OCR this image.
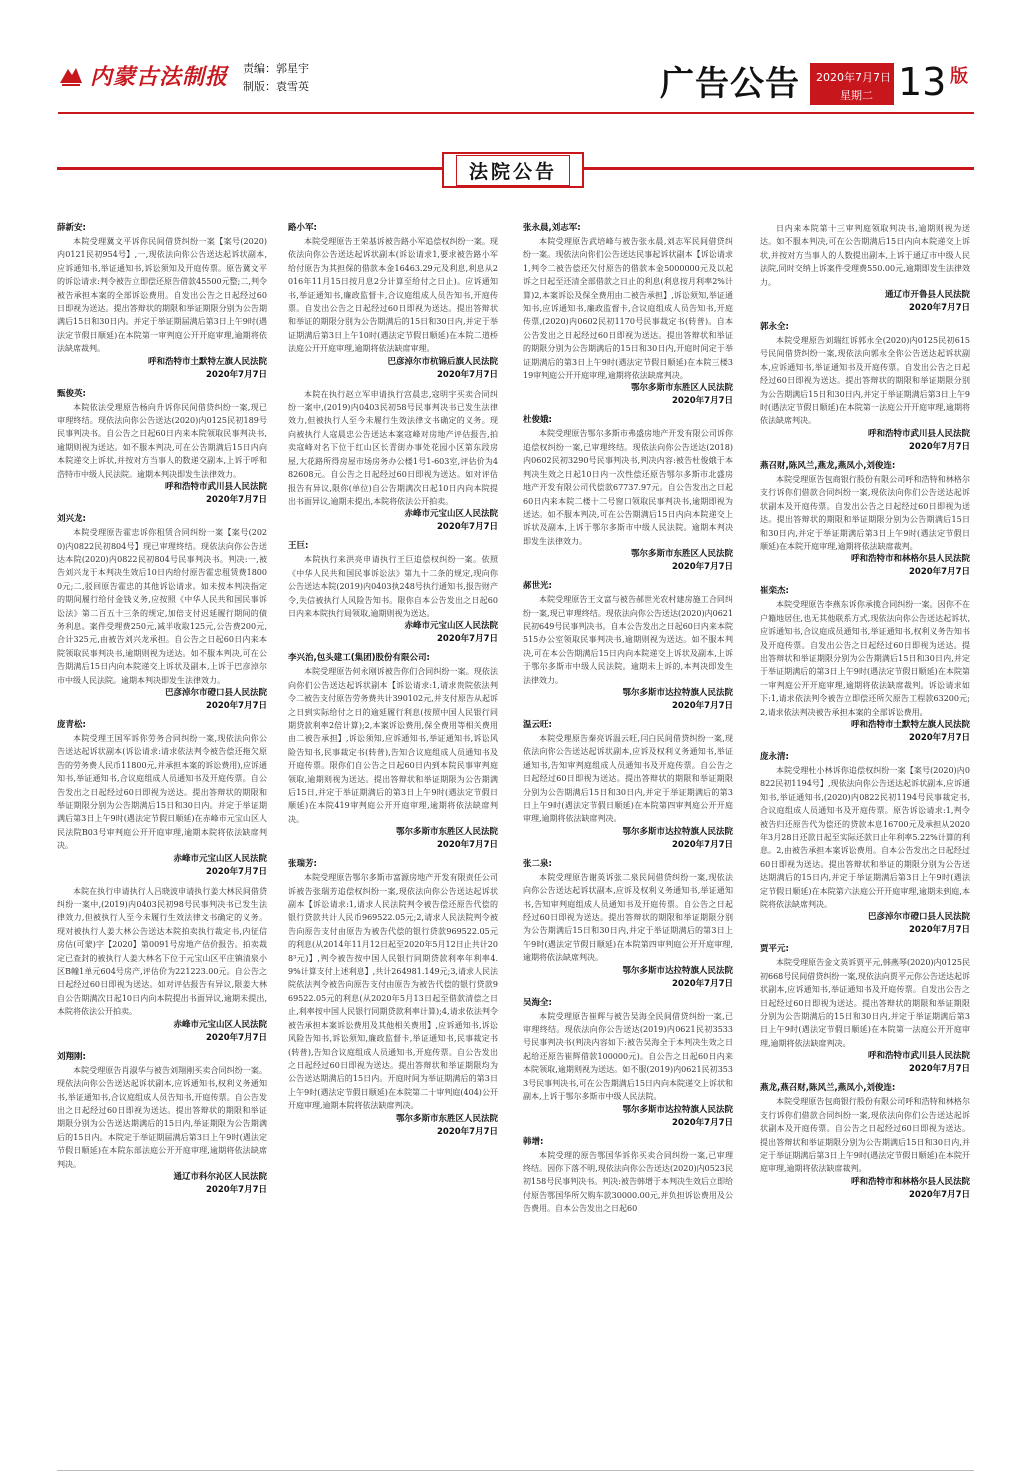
内蒙古法制报 责编：郭星宇
制版：袁雪英	广告公告 2020年7月7日
星期二 13 版
法院公告
薛新安:
本院受理冀文平诉你民间借贷纠纷一案【案号(2020)内0121民初954号】,一,现依法向你公告送达起诉状副本,应诉通知书,举证通知书,诉讼须知及开庭传票。原告冀文平的诉讼请求:判令被告立即偿还原告借款45500元整;二,判令被告承担本案的全部诉讼费用。自发出公告之日起经过60日即视为送达。提出答辩状的期限和举证期限分别为公告期满后15日和30日内。并定于举证期届满后第3日上午9时(遇法定节假日顺延)在本院第一审判庭公开开庭审理,逾期将依法缺席裁判。
呼和浩特市土默特左旗人民法院
2020年7月7日
甄俊英:
本院依法受理原告杨向升诉你民间借贷纠纷一案,现已审理终结。现依法向你公告送达(2020)内0125民初189号民事判决书。自公告之日起60日内来本院领取民事判决书,逾期则视为送达。如不服本判决,可在公告期满后15日内向本院递交上诉状,并按对方当事人的数递交副本,上诉于呼和浩特市中级人民法院。逾期本判决即发生法律效力。
呼和浩特市武川县人民法院
2020年7月7日
刘兴龙:
本院受理原告霍忠诉你租赁合同纠纷一案【案号(2020)内0822民初804号】现已审理终结。现依法向你公告送达本院(2020)内0822民初804号民事判决书。判决:一,被告刘兴龙于本判决生效后10日内给付原告霍忠租赁费18000元;二,驳回原告霍忠的其他诉讼请求。如未按本判决指定的期间履行给付金钱义务,应按照《中华人民共和国民事诉讼法》第二百五十三条的规定,加倍支付迟延履行期间的债务利息。案件受理费250元,减半收取125元,公告费200元,合计325元,由被告刘兴龙承担。自公告之日起60日内来本院领取民事判决书,逾期则视为送达。如不服本判决,可在公告期满后15日内向本院递交上诉状及副本,上诉于巴彦淖尔市中级人民法院。逾期本判决即发生法律效力。
巴彦淖尔市磴口县人民法院
2020年7月7日
庞青松:
本院受理王国军诉你劳务合同纠纷一案,现依法向你公告送达起诉状副本(诉讼请求:请求依法判令被告偿还拖欠原告的劳务费人民币11800元,并承担本案的诉讼费用),应诉通知书,举证通知书,合议庭组成人员通知书及开庭传票。自公告发出之日起经过60日即视为送达。提出答辩状的期限和举证期限分别为公告期满后15日和30日内。并定于举证期满后第3日上午9时(遇法定节假日顺延)在赤峰市元宝山区人民法院B03号审判庭公开开庭审理,逾期本院将依法缺席判决。
赤峰市元宝山区人民法院
2020年7月7日
本院在执行申请执行人吕晓波申请执行姜大林民间借贷纠纷一案中,(2019)内0403民初98号民事判决书已发生法律效力,但被执行人至今未履行生效法律文书确定的义务。现对被执行人姜大林公告送达本院拍卖执行裁定书,内征信房估(可蒙)字【2020】第0091号房地产估价报告。拍卖裁定已查封的被执行人姜大林名下位于元宝山区平庄镇清泉小区B幢1单元604号房产,评估价为221223.00元。自公告之日起经过60日即视为送达。如对评估报告有异议,限姜大林自公告期满次日起10日内向本院提出书面异议,逾期未提出,本院将依法公开拍卖。
赤峰市元宝山区人民法院
2020年7月7日
刘翔刚:
本院受理原告肖淑华与被告刘翔刚买卖合同纠纷一案。现依法向你公告送达起诉状副本,应诉通知书,权利义务通知书,举证通知书,合议庭组成人员告知书,开庭传票。自公告发出之日起经过60日即视为送达。提出答辩状的期限和举证期限分别为公告送达期满后的15日内,举证期限为公告期满后的15日内。本院定于举证期届满后第3日上午9时(遇法定节假日顺延)在本院东部法庭公开开庭审理,逾期将依法缺席判决。
通辽市科尔沁区人民法院
2020年7月7日
路小军:
本院受理原告王荣基诉被告路小军追偿权纠纷一案。现依法向你公告送达起诉状副本(诉讼请求1,要求被告路小军给付原告为其担保的借款本金16463.29元及利息,利息从2016年11月15日按月息2分计算至给付之日止)。应诉通知书,举证通知书,廉政监督卡,合议庭组成人员告知书,开庭传票。自发出公告之日起经过60日即视为送达。提出答辩状和举证的期限分别为公告期满后的15日和30日内,并定于举证期满后第3日上午10时(遇法定节假日顺延)在本院二道桥法庭公开开庭审理,逾期将依法缺席审理。
巴彦淖尔市杭锦后旗人民法院
2020年7月7日
本院在执行赵立军申请执行宫晨忠,寇明宇买卖合同纠纷一案中,(2019)内0403民初58号民事判决书已发生法律效力,但被执行人至今未履行生效法律文书确定的义务。现向被执行人寇晨忠公告送达本案寇峰对房地产评估报告,拍卖寇峰对名下位于红山区长青街办事处花园小区第东段房屋,大花路所得房屋市场房务办公楼1号1-603室,评估价为482608元。自公告之日起经过60日即视为送达。如对评估报告有异议,限你(单位)自公告期满次日起10日内向本院提出书面异议,逾期未提出,本院将依法公开拍卖。
赤峰市元宝山区人民法院
2020年7月7日
王巨:
本院执行来洪亮申请执行王巨追偿权纠纷一案。依照《中华人民共和国民事诉讼法》第九十二条的规定,现向你公告送达本院(2019)内0403执248号执行通知书,报告财产令,失信被执行人风险告知书。限你自本公告发出之日起60日内来本院执行局领取,逾期则视为送达。
赤峰市元宝山区人民法院
2020年7月7日
李兴治,包头建工(集团)股份有限公司:
本院受理原告何永刚诉被告你们合同纠纷一案。现依法向你们公告送达起诉状副本【诉讼请求:1,请求贵院依法判令二被告支付原告劳务费共计390102元,并支付原告从起诉之日到实际给付之日的逾延履行利息(按照中国人民银行同期贷款利率2倍计算);2,本案诉讼费用,保全费用等相关费用由二被告承担】,诉讼须知,应诉通知书,举证通知书,诉讼风险告知书,民事裁定书(转普),告知合议庭组成人员通知书及开庭传票。限你们自公告之日起60日内到本院民事审判庭领取,逾期则视为送达。提出答辩状和举证期限为公告期满后15日,并定于举证期满后的第3日上午9时(遇法定节假日顺延)在本院419审判庭公开开庭审理,逾期将依法缺席判决。
鄂尔多斯市东胜区人民法院
2020年7月7日
张瑞芳:
本院受理原告鄂尔多斯市富源房地产开发有限责任公司诉被告张瑞芳追偿权纠纷一案,现依法向你公告送达起诉状副本【诉讼请求:1,请求人民法院判令被告偿还原告代偿的银行贷款共计人民币969522.05元;2,请求人民法院判令被告向原告支付由原告为被告代偿的银行贷款969522.05元的利息(从2014年11月12日起至2020年5月12日止共计208³元)】,判令被告按中国人民银行同期贷款利率年利率4.9%计算支付上述利息】,共计264981.149元;3,请求人民法院依法判令被告向原告支付由原告为被告代偿的银行贷款969522.05元的利息(从2020年5月13日起至借款清偿之日止,利率按中国人民银行同期贷款利率计算);4,请求依法判令被告承担本案诉讼费用及其他相关费用】,应诉通知书,诉讼风险告知书,诉讼须知,廉政监督卡,举证通知书,民事裁定书(转普),告知合议庭组成人员通知书,开庭传票。自公告发出之日起经过60日即视为送达。提出答辩状和举证期限均为公告送达期满后的15日内。开庭时间为举证期满后的第3日上午9时(遇法定节假日顺延)在本院第二十审判庭(404)公开开庭审理,逾期本院将依法缺席判决。
鄂尔多斯市东胜区人民法院
2020年7月7日
张永晨,刘志军:
本院受理原告武培峰与被告张永晨,刘志军民间借贷纠纷一案。现依法向你们公告送达民事起诉状副本【诉讼请求1,判令二被告偿还欠付原告的借款本金5000000元及以起诉之日起至还清全部借款之日止的利息(利息按月利率2%计算)2,本案诉讼及保全费用由二被告承担】,诉讼须知,举证通知书,应诉通知书,廉政监督卡,合议庭组成人员告知书,开庭传票,(2020)内0602民初1170号民事裁定书(转普)。自本公告发出之日起经过60日即视为送达。提出答辩状和举证的期限分别为公告期满后的15日和30日内,开庭时间定于举证期满后的第3日上午9时(遇法定节假日顺延)在本院三楼319审判庭公开开庭审理,逾期将依法缺席判决。
鄂尔多斯市东胜区人民法院
2020年7月7日
杜俊娥:
本院受理原告鄂尔多斯市弗盛房地产开发有限公司诉你追偿权纠纷一案,已审理终结。现依法向你公告送达(2018)内0602民初3290号民事判决书,判决内容:被告杜俊娥于本判决生效之日起10日内一次性偿还原告鄂尔多斯市北盛房地产开发有限公司代偿款67737.97元。自公告发出之日起60日内来本院二楼十二号窗口领取民事判决书,逾期即视为送达。如不服本判决,可在公告期满后15日内向本院递交上诉状及副本,上诉于鄂尔多斯市中级人民法院。逾期本判决即发生法律效力。
鄂尔多斯市东胜区人民法院
2020年7月7日
郝世光:
本院受理原告王文富与被告郝世光农村建房施工合同纠纷一案,现已审理终结。现依法向你公告送达(2020)内0621民初649号民事判决书。自本公告发出之日起60日内来本院515办公室领取民事判决书,逾期则视为送达。如不服本判决,可在本公告期满后15日内向本院递交上诉状及副本,上诉于鄂尔多斯市中级人民法院。逾期未上诉的,本判决即发生法律效力。
鄂尔多斯市达拉特旗人民法院
2020年7月7日
温云旺:
本院受理原告秦亮诉温云旺,闫白民间借贷纠纷一案,现依法向你公告送达起诉状副本,应诉及权利义务通知书,举证通知书,告知审判庭组成人员通知书及开庭传票。自公告之日起经过60日即视为送达。提出答辩状的期限和举证期限分别为公告期满后15日和30日内,并定于举证期满后的第3日上午9时(遇法定节假日顺延)在本院第四审判庭公开开庭审理,逾期将依法缺席判决。
鄂尔多斯市达拉特旗人民法院
2020年7月7日
张二泉:
本院受理原告谢英诉张二泉民间借贷纠纷一案,现依法向你公告送达起诉状副本,应诉及权利义务通知书,举证通知书,告知审判庭组成人员通知书及开庭传票。自公告之日起经过60日即视为送达。提出答辩状的期限和举证期限分别为公告期满后15日和30日内,并定于举证期满后的第3日上午9时(遇法定节假日顺延)在本院第四审判庭公开开庭审理,逾期将依法缺席判决。
鄂尔多斯市达拉特旗人民法院
2020年7月7日
吴海全:
本院受理原告崔辉与被告吴海全民间借贷纠纷一案,已审理终结。现依法向你公告送达(2019)内0621民初3533号民事判决书(判决内容如下:被告吴海全于本判决生效之日起给还原告崔辉借款100000元)。自公告之日起60日内来本院领取,逾期则视为送达。如不服(2019)内0621民初3533号民事判决书,可在公告期满后15日内向本院递交上诉状和副本,上诉于鄂尔多斯市中级人民法院。
鄂尔多斯市达拉特旗人民法院
2020年7月7日
韩增:
本院受理的原告鄂国华诉你买卖合同纠纷一案,已审理终结。因你下落不明,现依法向你公告送达(2020)内0523民初158号民事判决书。判决:被告韩增于本判决生效后立即给付原告鄂国华所欠购车款30000.00元,并负担诉讼费用及公告费用。自本公告发出之日起60
日内来本院第十三审判庭领取判决书,逾期则视为送达。如不服本判决,可在公告期满后15日内向本院递交上诉状,并按对方当事人的人数提出副本,上诉于通辽市中级人民法院,同时交纳上诉案件受理费550.00元,逾期即发生法律效力。
通辽市开鲁县人民法院
2020年7月7日
郭永全:
本院受理原告刘瑞红诉郭永全(2020)内0125民初615号民间借贷纠纷一案,现依法向郭永全你公告送达起诉状副本,应诉通知书,举证通知书及开庭传票。自发出公告之日起经过60日即视为送达。提出答辩状的期限和举证期限分别为公告期满后15日和30日内,并定于举证期满后第3日上午9时(遇法定节假日顺延)在本院第一法庭公开开庭审理,逾期将依法缺席判决。
呼和浩特市武川县人民法院
2020年7月7日
燕召财,陈风兰,燕龙,燕凤小,刘俊连:
本院受理原告包商银行股份有限公司呼和浩特和林格尔支行诉你们借款合同纠纷一案,现依法向你们公告送达起诉状副本及开庭传票。自发出公告之日起经过60日即视为送达。提出答辩状的期限和举证期限分别为公告期满后15日和30日内,并定于举证期满后第3日上午9时(遇法定节假日顺延)在本院开庭审理,逾期将依法缺席裁判。
呼和浩特市和林格尔县人民法院
2020年7月7日
崔栾杰:
本院受理原告李燕东诉你承揽合同纠纷一案。因你不在户籍地居住,也无其他联系方式,现依法向你公告送达起诉状,应诉通知书,合议庭成员通知书,举证通知书,权利义务告知书及开庭传票。自发出公告之日起经过60日即视为送达。提出答辩状和举证期限分别为公告期满后15日和30日内,并定于举证期满后的第3日上午9时(遇法定节假日顺延)在本院第一审判庭公开开庭审理,逾期将依法缺席裁判。诉讼请求如下:1,请求依法判令被告立即偿还所欠原告工程款63200元;2,请求依法判决被告承担本案的全部诉讼费用。
呼和浩特市土默特左旗人民法院
2020年7月7日
庞永清:
本院受理杜小林诉你追偿权纠纷一案【案号(2020)内0822民初1194号】,现依法向你公告送达起诉状副本,应诉通知书,举证通知书,(2020)内0822民初1194号民事裁定书,合议庭组成人员通知书及开庭传票。原告诉讼请求:1,判令被告归还原告代为偿还的贷款本息16700元及承担从2020年3月28日还款日起至实际还款日止年利率5.22%计算的利息。2,由被告承担本案诉讼费用。自本公告发出之日起经过60日即视为送达。提出答辩状和举证的期限分别为公告送达期满后的15日内,并定于举证期满后第3日上午9时(遇法定节假日顺延)在本院第六法庭公开开庭审理,逾期未到庭,本院将依法缺席判决。
巴彦淖尔市磴口县人民法院
2020年7月7日
贾平元:
本院受理原告金文英诉贾平元,韩燕琴(2020)内0125民初668号民间借贷纠纷一案,现依法向贾平元你公告送达起诉状副本,应诉通知书,举证通知书及开庭传票。自发出公告之日起经过60日即视为送达。提出答辩状的期限和举证期限分别为公告期满后的15日和30日内,并定于举证期满后第3日上午9时(遇法定节假日顺延)在本院第一法庭公开开庭审理,逾期将依法缺席判决。
呼和浩特市武川县人民法院
2020年7月7日
燕龙,燕召财,陈风兰,燕凤小,刘俊连:
本院受理原告包商银行股份有限公司呼和浩特和林格尔支行诉你们借款合同纠纷一案,现依法向你们公告送达起诉状副本及开庭传票。自公告之日起经过60日即视为送达。提出答辩状和举证期限分别为公告期满后15日和30日内,并定于举证期满后第3日上午9时(遇法定节假日顺延)在本院开庭审理,逾期将依法缺席裁判。
呼和浩特市和林格尔县人民法院
2020年7月7日
